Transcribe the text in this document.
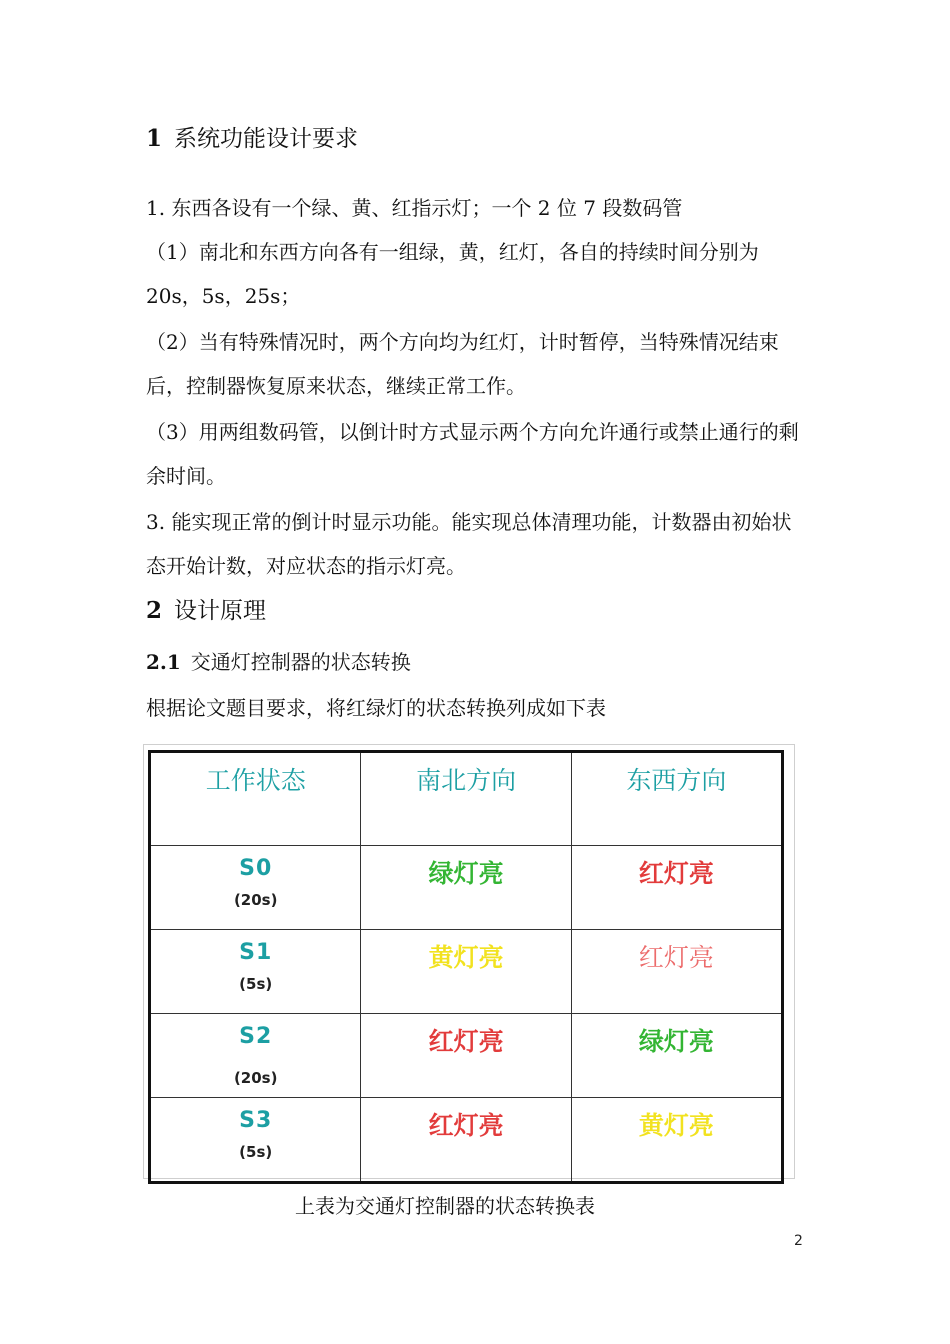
1 系统功能设计要求
1. 东西各设有一个绿、黄、红指示灯；一个 2 位 7 段数码管
（1）南北和东西方向各有一组绿，黄，红灯，各自的持续时间分别为 20s，5s，25s；
（2）当有特殊情况时，两个方向均为红灯，计时暂停，当特殊情况结束后，控制器恢复原来状态，继续正常工作。
（3）用两组数码管，以倒计时方式显示两个方向允许通行或禁止通行的剩余时间。
3. 能实现正常的倒计时显示功能。能实现总体清理功能，计数器由初始状态开始计数，对应状态的指示灯亮。
2 设计原理
2.1 交通灯控制器的状态转换
根据论文题目要求，将红绿灯的状态转换列成如下表
工作状态	南北方向	东西方向

S0
(20s)	绿灯亮	红灯亮

S1
(5s)	黄灯亮	红灯亮

S2
(20s)	红灯亮	绿灯亮

S3
(5s)	红灯亮	黄灯亮
上表为交通灯控制器的状态转换表
2
